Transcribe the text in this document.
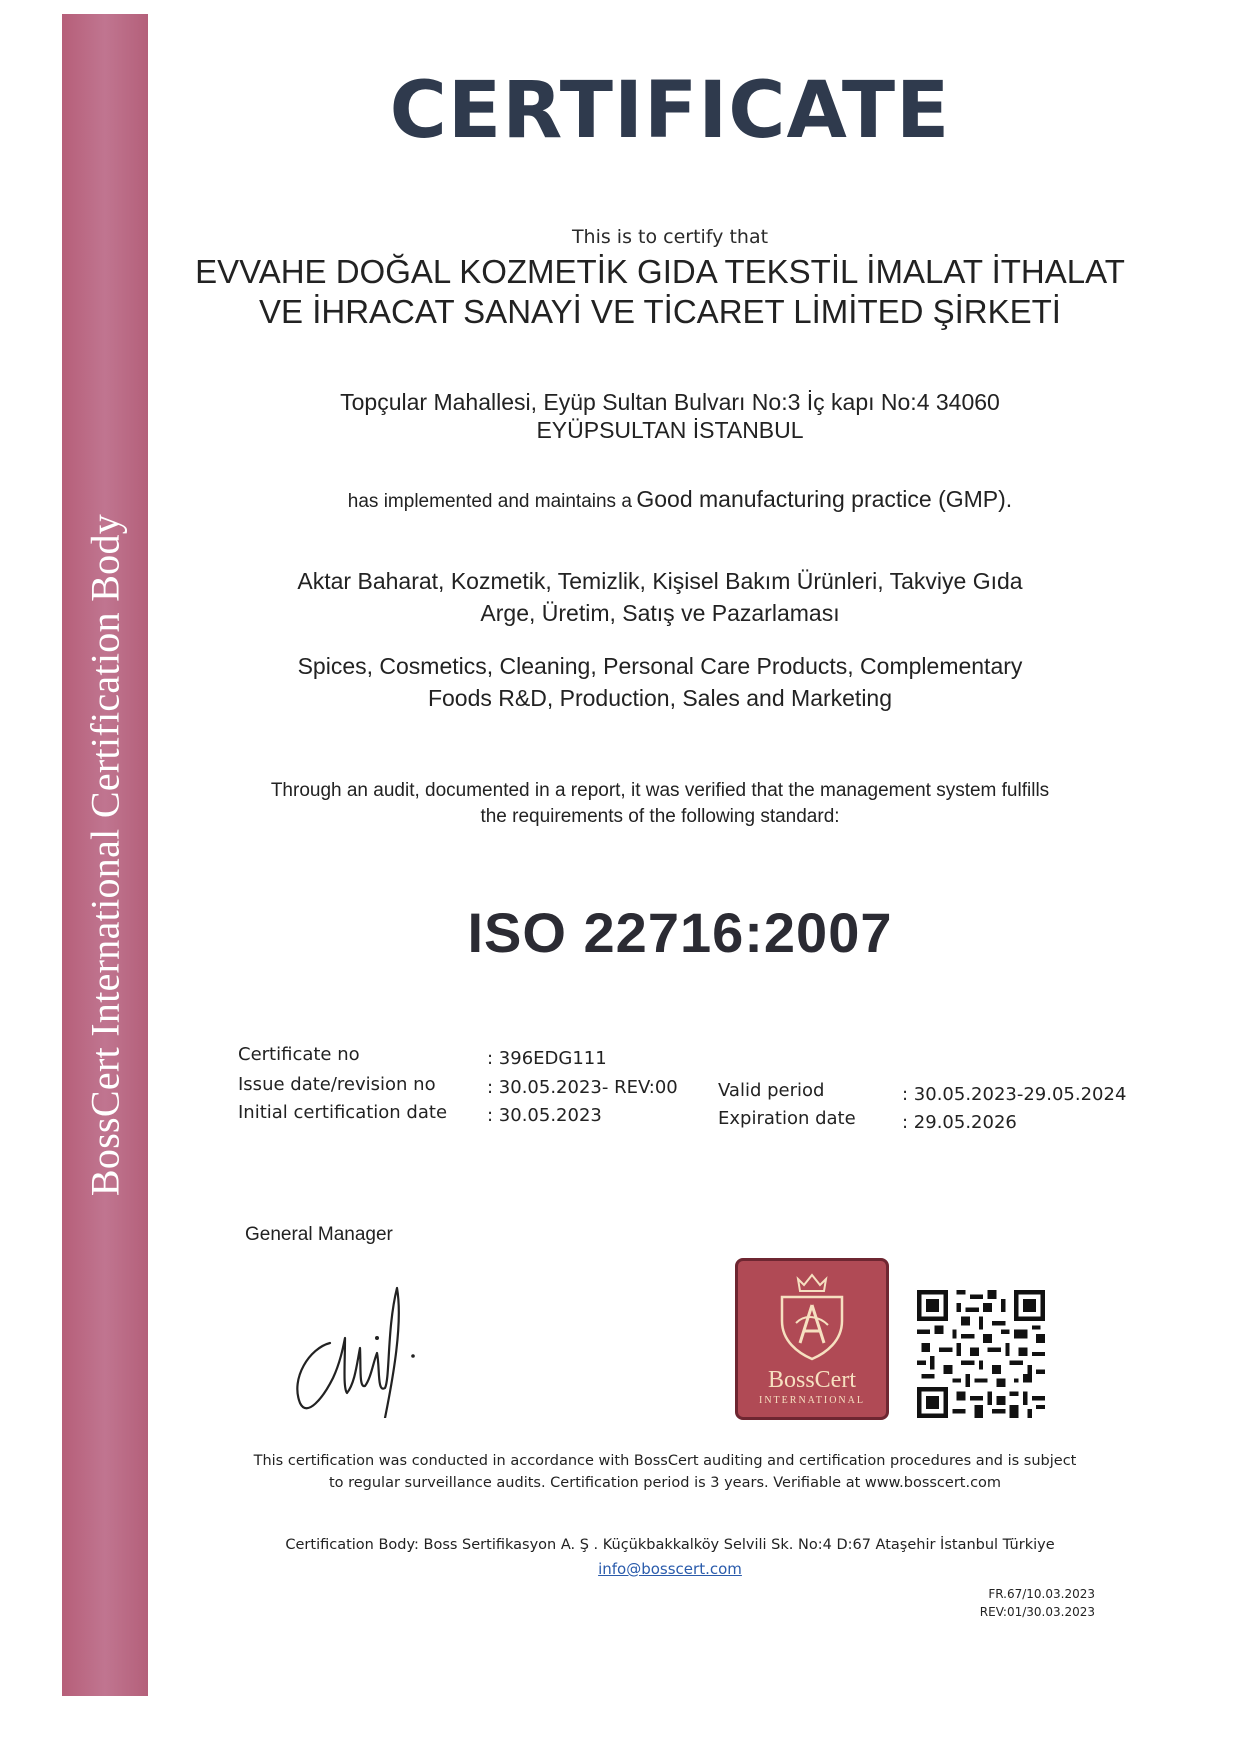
BossCert International Certification Body
CERTIFICATE
This is to certify that
EVVAHE DOĞAL KOZMETİK GIDA TEKSTİL İMALAT İTHALAT
VE İHRACAT SANAYİ VE TİCARET LİMİTED ŞİRKETİ
Topçular Mahallesi, Eyüp Sultan Bulvarı No:3 İç kapı No:4 34060
EYÜPSULTAN İSTANBUL
has implemented and maintains a Good manufacturing practice (GMP).
Aktar Baharat, Kozmetik, Temizlik, Kişisel Bakım Ürünleri, Takviye Gıda
Arge, Üretim, Satış ve Pazarlaması
Spices, Cosmetics, Cleaning, Personal Care Products, Complementary
Foods R&D, Production, Sales and Marketing
Through an audit, documented in a report, it was verified that the management system fulfills
the requirements of the following standard:
ISO 22716:2007
Certificate no	: 396EDG111
Issue date/revision no	: 30.05.2023- REV:00
Initial certification date : 30.05.2023
Valid period	: 30.05.2023-29.05.2024
Expiration date	: 29.05.2026
General Manager
BossCert
INTERNATIONAL
This certification was conducted in accordance with BossCert auditing and certification procedures and is subject
to regular surveillance audits. Certification period is 3 years. Verifiable at www.bosscert.com
Certification Body: Boss Sertifikasyon A. Ş . Küçükbakkalköy Selvili Sk. No:4 D:67 Ataşehir İstanbul Türkiye
info@bosscert.com
FR.67/10.03.2023
REV:01/30.03.2023
